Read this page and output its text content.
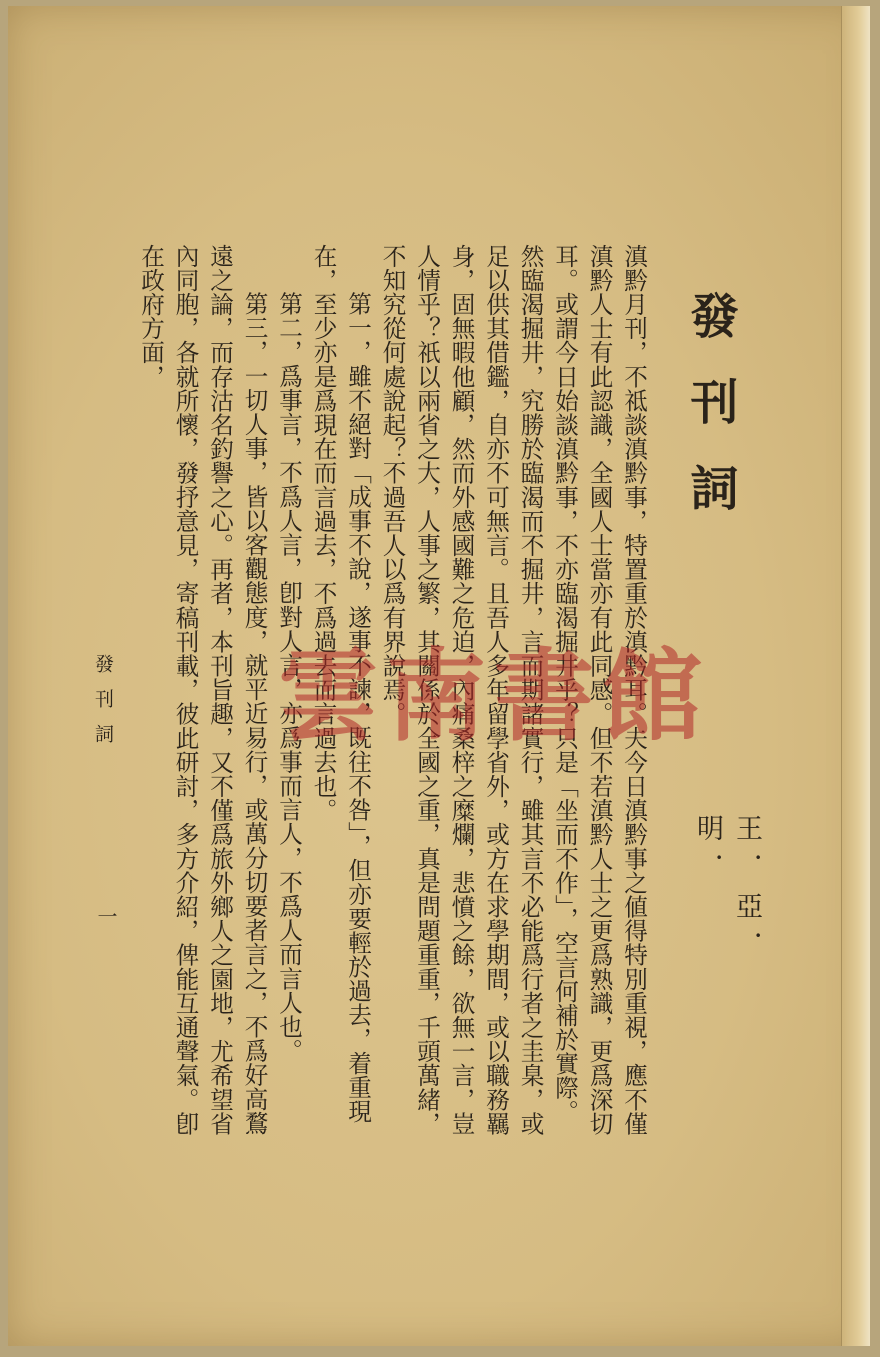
發刊詞
王．亞．明．

滇黔月刊，不祗談滇黔事，特置重於滇黔耳。夫今日滇黔事之値得特別重視，應不僅滇黔人士有此認識，全國人士當亦有此同感。但不若滇黔人士之更爲熟識，更爲深切耳。或謂今日始談滇黔事，不亦臨渴掘井乎？只是「坐而不作」，空言何補於實際。然臨渴掘井，究勝於臨渴而不掘井，言而期諸實行，雖其言不必能爲行者之圭臬，或足以供其借鑑，自亦不可無言。且吾人多年留學省外，或方在求學期間，或以職務羈身，固無暇他顧，然而外感國難之危迫，內痛桑梓之糜爛，悲憤之餘，欲無一言，豈人情乎？祇以兩省之大，人事之繁，其關係於全國之重，真是問題重重，千頭萬緒，不知究從何處說起？不過吾人以爲有界說焉。

　第一，雖不絕對「成事不說，遂事不諫，既往不咎」，但亦要輕於過去，着重現在，至少亦是爲現在而言過去，不爲過去而言過去也。

　第二，爲事言，不爲人言，卽對人言，亦爲事而言人，不爲人而言人也。

　第三，一切人事，皆以客觀態度，就平近易行，或萬分切要者言之，不爲好高鶩遠之論，而存沽名釣譽之心。再者，本刊旨趣，又不僅爲旅外鄉人之園地，尤希望省內同胞，各就所懷，發抒意見，寄稿刊載，彼此研討，多方介紹，俾能互通聲氣。卽在政府方面，

發刊詞
一
雲南書館
